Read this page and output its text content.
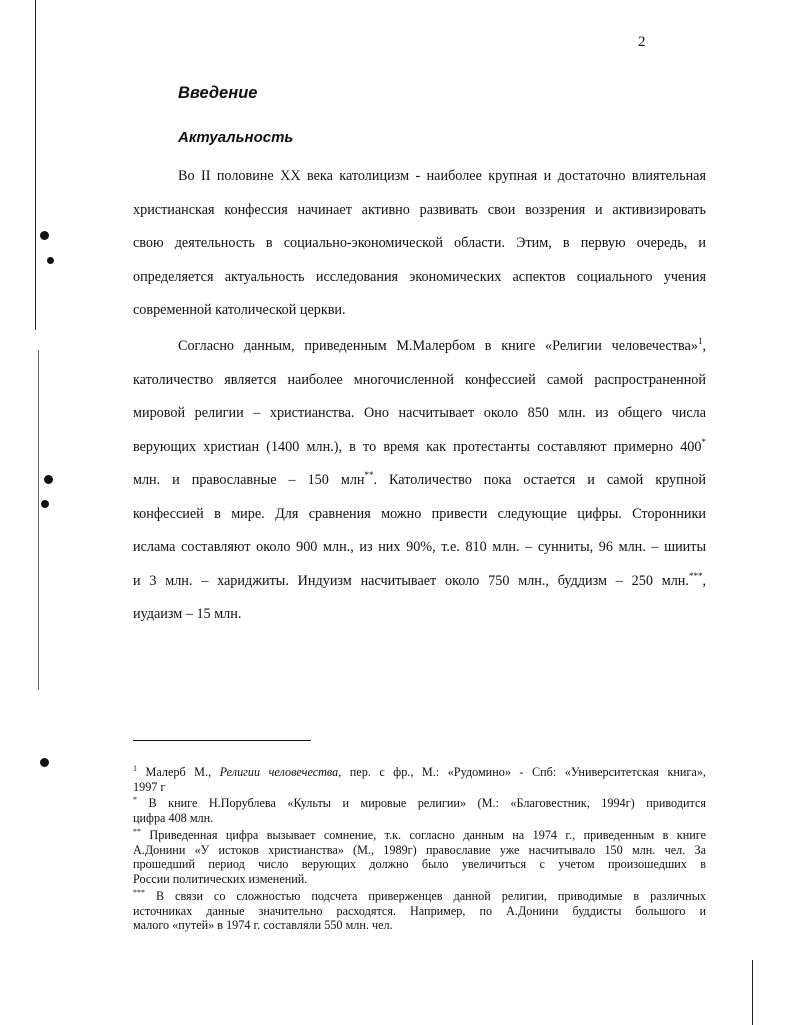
2
Введение
Актуальность
Во II половине XX века католицизм - наиболее крупная и достаточно влиятельная
христианская конфессия начинает активно развивать свои воззрения и активизировать
свою деятельность в социально-экономической области. Этим, в первую очередь, и
определяется актуальность исследования экономических аспектов социального учения
современной католической церкви.
Согласно данным, приведенным М.Малербом в книге «Религии человечества»$^1$,
католичество является наиболее многочисленной конфессией самой распространенной
мировой религии – христианства. Оно насчитывает около 850 млн. из общего числа
верующих христиан (1400 млн.), в то время как протестанты составляют примерно 400*
млн. и православные – 150 млн**. Католичество пока остается и самой крупной
конфессией в мире. Для сравнения можно привести следующие цифры. Сторонники
ислама составляют около 900 млн., из них 90%, т.е. 810 млн. – сунниты, 96 млн. – шииты
и 3 млн. – хариджиты. Индуизм насчитывает около 750 млн., буддизм – 250 млн.***,
иудаизм – 15 млн.
$^1$ Малерб М., Религии человечества, пер. с фр., М.: «Рудомино» - Спб: «Университетская книга»,
1997 г
* В книге Н.Порублева «Культы и мировые религии» (М.: «Благовестник, 1994г) приводится
цифра 408 млн.
** Приведенная цифра вызывает сомнение, т.к. согласно данным на 1974 г., приведенным в книге
А.Донини «У истоков христианства» (М., 1989г) православие уже насчитывало 150 млн. чел. За
прошедший период число верующих должно было увеличиться с учетом произошедших в
России политических изменений.
*** В связи со сложностью подсчета приверженцев данной религии, приводимые в различных
источниках данные значительно расходятся. Например, по А.Донини буддисты большого и
малого «путей» в 1974 г. составляли 550 млн. чел.
